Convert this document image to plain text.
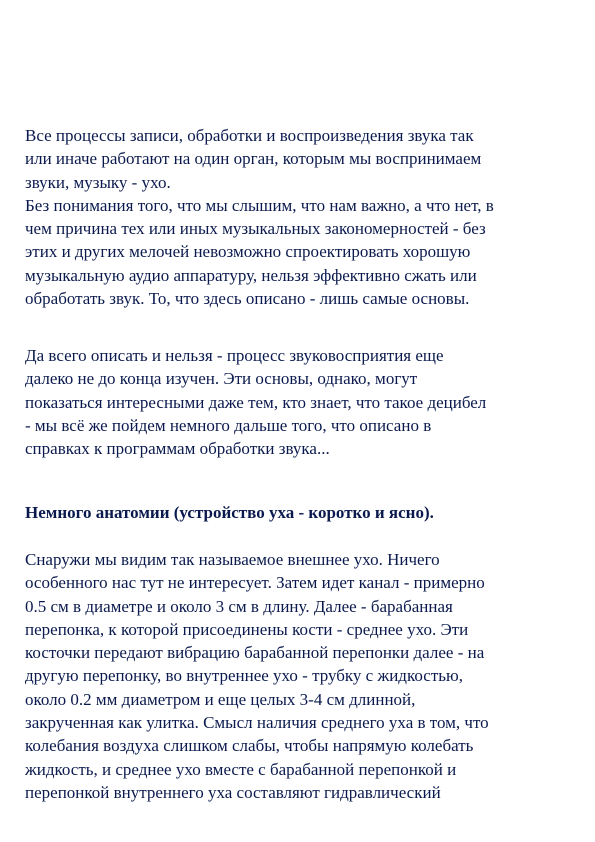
Все процессы записи, обработки и воспроизведения звука так
или иначе работают на один орган, которым мы воспринимаем
звуки, музыку - ухо.
Без понимания того, что мы слышим, что нам важно, а что нет, в
чем причина тех или иных музыкальных закономерностей - без
этих и других мелочей невозможно спроектировать хорошую
музыкальную аудио аппаратуру, нельзя эффективно сжать или
обработать звук. То, что здесь описано - лишь самые основы.
Да всего описать и нельзя - процесс звуковосприятия еще
далеко не до конца изучен. Эти основы, однако, могут
показаться интересными даже тем, кто знает, что такое децибел
- мы всё же пойдем немного дальше того, что описано в
справках к программам обработки звука...
Немного анатомии (устройство уха - коротко и ясно).
Снаружи мы видим так называемое внешнее ухо. Ничего
особенного нас тут не интересует. Затем идет канал - примерно
0.5 см в диаметре и около 3 см в длину. Далее - барабанная
перепонка, к которой присоединены кости - среднее ухо. Эти
косточки передают вибрацию барабанной перепонки далее - на
другую перепонку, во внутреннее ухо - трубку с жидкостью,
около 0.2 мм диаметром и еще целых 3-4 см длинной,
закрученная как улитка. Смысл наличия среднего уха в том, что
колебания воздуха слишком слабы, чтобы напрямую колебать
жидкость, и среднее ухо вместе с барабанной перепонкой и
перепонкой внутреннего уха составляют гидравлический
